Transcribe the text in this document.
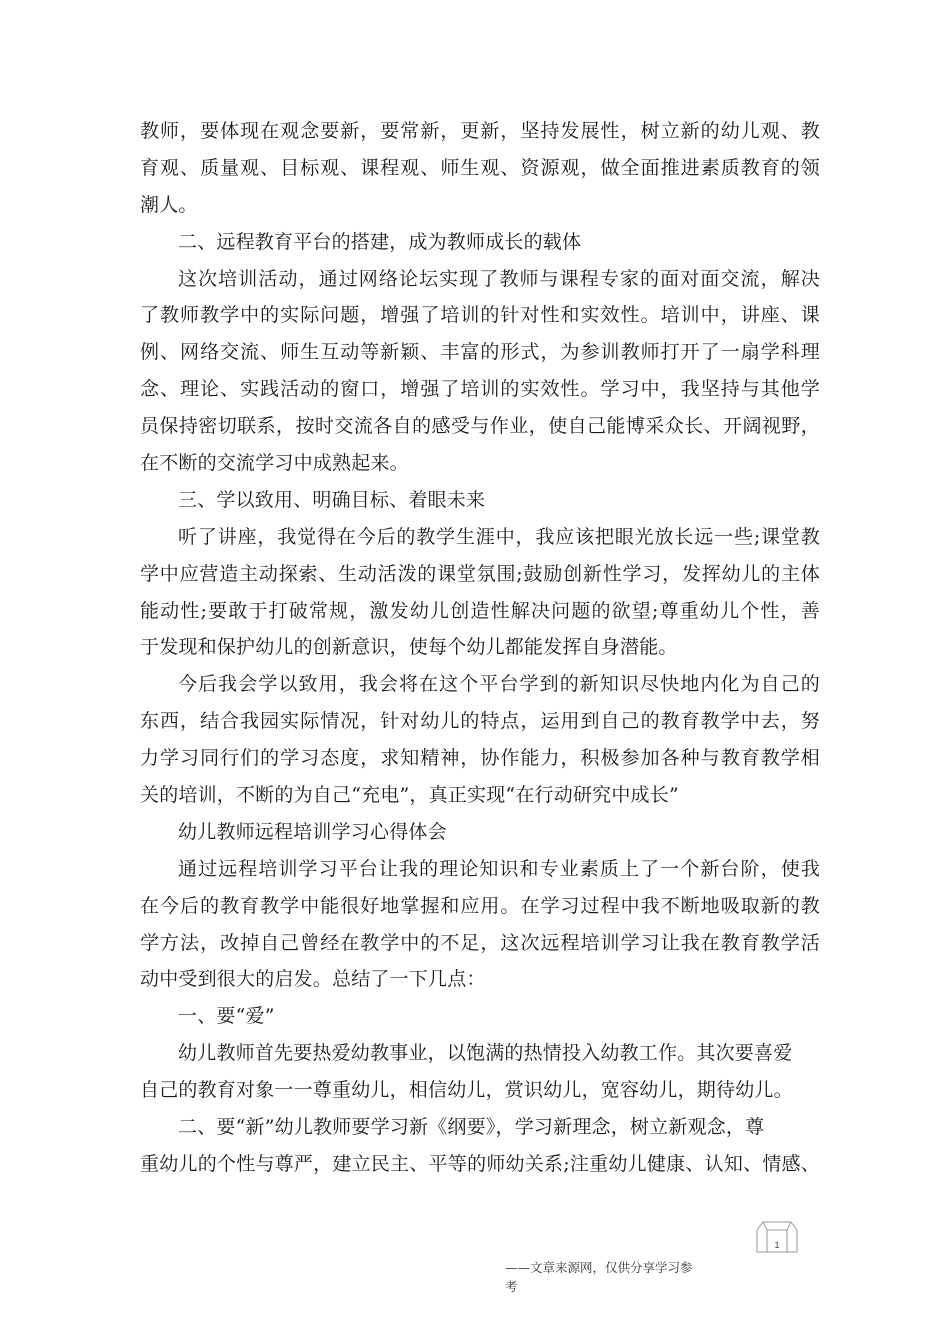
教师，要体现在观念要新，要常新，更新，坚持发展性，树立新的幼儿观、教
育观、质量观、目标观、课程观、师生观、资源观，做全面推进素质教育的领
潮人。
二、远程教育平台的搭建，成为教师成长的载体
这次培训活动，通过网络论坛实现了教师与课程专家的面对面交流，解决
了教师教学中的实际问题，增强了培训的针对性和实效性。培训中，讲座、课
例、网络交流、师生互动等新颖、丰富的形式，为参训教师打开了一扇学科理
念、理论、实践活动的窗口，增强了培训的实效性。学习中，我坚持与其他学
员保持密切联系，按时交流各自的感受与作业，使自己能博采众长、开阔视野，
在不断的交流学习中成熟起来。
三、学以致用、明确目标、着眼未来
听了讲座，我觉得在今后的教学生涯中，我应该把眼光放长远一些;课堂教
学中应营造主动探索、生动活泼的课堂氛围;鼓励创新性学习，发挥幼儿的主体
能动性;要敢于打破常规，激发幼儿创造性解决问题的欲望;尊重幼儿个性，善
于发现和保护幼儿的创新意识，使每个幼儿都能发挥自身潜能。
今后我会学以致用，我会将在这个平台学到的新知识尽快地内化为自己的
东西，结合我园实际情况，针对幼儿的特点，运用到自己的教育教学中去，努
力学习同行们的学习态度，求知精神，协作能力，积极参加各种与教育教学相
关的培训，不断的为自己“充电”，真正实现“在行动研究中成长”
幼儿教师远程培训学习心得体会
通过远程培训学习平台让我的理论知识和专业素质上了一个新台阶，使我
在今后的教育教学中能很好地掌握和应用。在学习过程中我不断地吸取新的教
学方法，改掉自己曾经在教学中的不足，这次远程培训学习让我在教育教学活
动中受到很大的启发。总结了一下几点：
一、要“爱”
幼儿教师首先要热爱幼教事业，以饱满的热情投入幼教工作。其次要喜爱
自己的教育对象一一尊重幼儿，相信幼儿，赏识幼儿，宽容幼儿，期待幼儿。
二、要“新”幼儿教师要学习新《纲要》，学习新理念，树立新观念，尊
重幼儿的个性与尊严，建立民主、平等的师幼关系;注重幼儿健康、认知、情感、
1
——文章来源网，仅供分享学习参
考
